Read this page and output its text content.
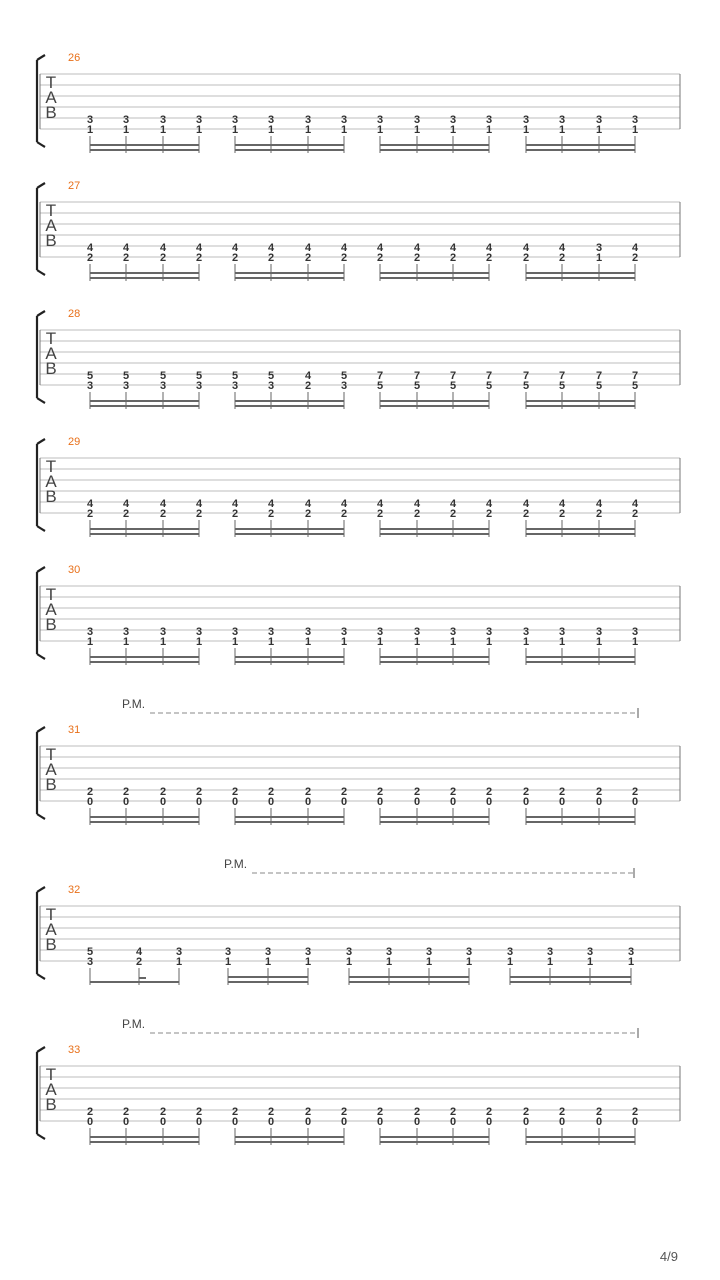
T
A
B
26
3
1
3
1
3
1
3
1
3
1
3
1
3
1
3
1
3
1
3
1
3
1
3
1
3
1
3
1
3
1
3
1
T
A
B
27
4
2
4
2
4
2
4
2
4
2
4
2
4
2
4
2
4
2
4
2
4
2
4
2
4
2
4
2
3
1
4
2
T
A
B
28
5
3
5
3
5
3
5
3
5
3
5
3
4
2
5
3
7
5
7
5
7
5
7
5
7
5
7
5
7
5
7
5
T
A
B
29
4
2
4
2
4
2
4
2
4
2
4
2
4
2
4
2
4
2
4
2
4
2
4
2
4
2
4
2
4
2
4
2
T
A
B
30
3
1
3
1
3
1
3
1
3
1
3
1
3
1
3
1
3
1
3
1
3
1
3
1
3
1
3
1
3
1
3
1
T
A
B
31
P.M.
2
0
2
0
2
0
2
0
2
0
2
0
2
0
2
0
2
0
2
0
2
0
2
0
2
0
2
0
2
0
2
0
T
A
B
32
P.M.
5
3
4
2
3
1
3
1
3
1
3
1
3
1
3
1
3
1
3
1
3
1
3
1
3
1
3
1
T
A
B
33
P.M.
2
0
2
0
2
0
2
0
2
0
2
0
2
0
2
0
2
0
2
0
2
0
2
0
2
0
2
0
2
0
2
0
4/9
